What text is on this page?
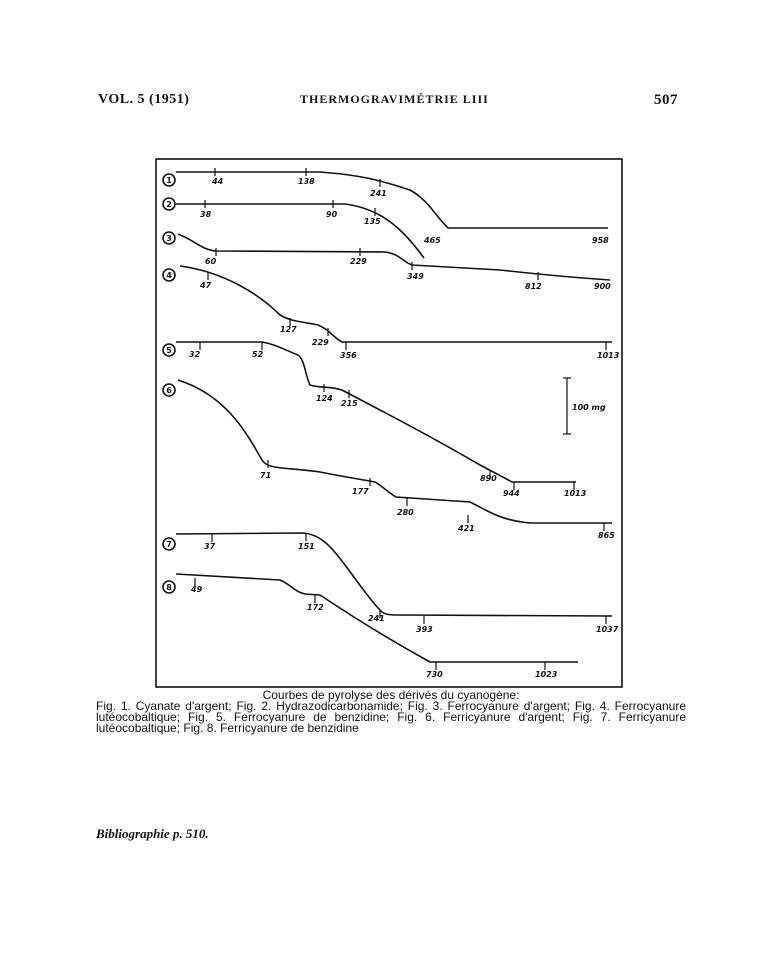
VOL. 5 (1951)	THERMOGRAVIMÉTRIE LIII	507
1	44	138
241
465	958
2
38	90
135
3
60	229
349
812	900
4
47
127
229
356	1013
5 32	52
124
215
890
944	1013
6
71
177
280
421
865
7	37	151
241
393	1037
8 49
172
730	1023
100 mg
Courbes de pyrolyse des dérivés du cyanogène:
Fig. 1. Cyanate d'argent; Fig. 2. Hydrazodicarbonamide; Fig. 3. Ferrocyanure d'argent; Fig. 4. Ferrocyanure lutéocobaltique; Fig. 5. Ferrocyanure de benzidine; Fig. 6. Ferricyanure d'argent; Fig. 7. Ferricyanure lutéocobaltique; Fig. 8. Ferricyanure de benzidine
Bibliographie p. 510.
